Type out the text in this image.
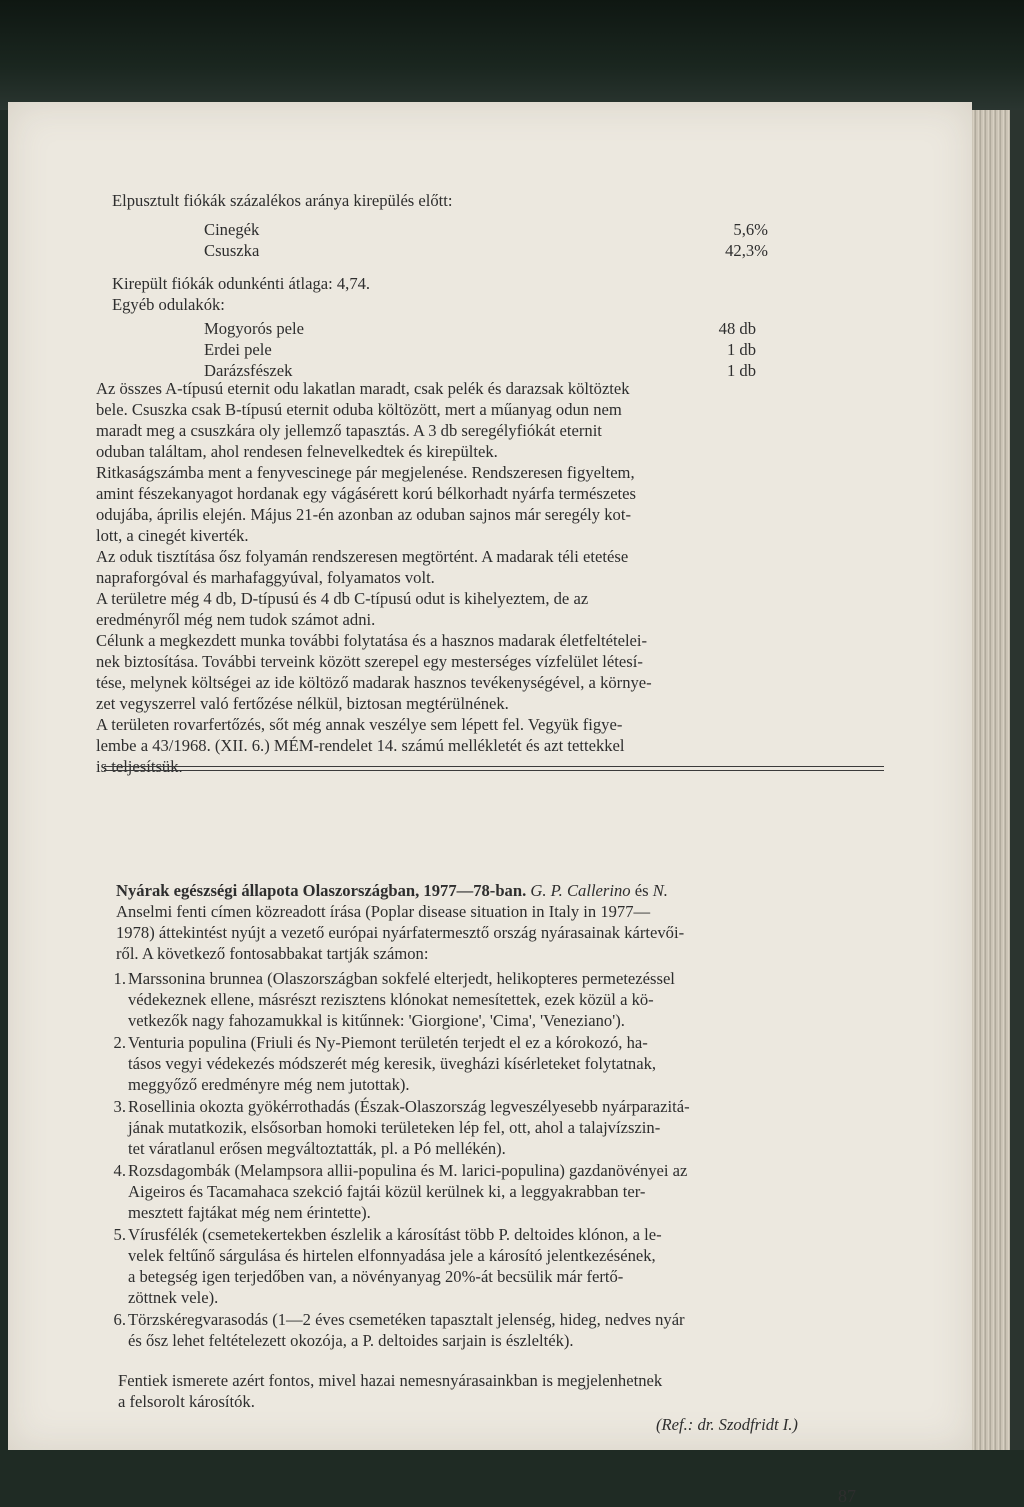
Elpusztult fiókák százalékos aránya kirepülés előtt:
Cinegék
Csuszka
5,6%
42,3%
Kirepült fiókák odunkénti átlaga: 4,74.
Egyéb odulakók:
Mogyorós pele
Erdei pele
Darázsfészek
48 db
1 db
1 db
Az összes A-típusú eternit odu lakatlan maradt, csak pelék és darazsak költöztek
bele. Csuszka csak B-típusú eternit oduba költözött, mert a műanyag odun nem
maradt meg a csuszkára oly jellemző tapasztás. A 3 db seregélyfiókát eternit
oduban találtam, ahol rendesen felnevelkedtek és kirepültek.
Ritkaságszámba ment a fenyvescinege pár megjelenése. Rendszeresen figyeltem,
amint fészekanyagot hordanak egy vágásérett korú bélkorhadt nyárfa természetes
odujába, április elején. Május 21-én azonban az oduban sajnos már seregély kot-
lott, a cinegét kiverték.
Az oduk tisztítása ősz folyamán rendszeresen megtörtént. A madarak téli etetése
napraforgóval és marhafaggyúval, folyamatos volt.
A területre még 4 db, D-típusú és 4 db C-típusú odut is kihelyeztem, de az
eredményről még nem tudok számot adni.
Célunk a megkezdett munka további folytatása és a hasznos madarak életfeltételei-
nek biztosítása. További terveink között szerepel egy mesterséges vízfelület létesí-
tése, melynek költségei az ide költöző madarak hasznos tevékenységével, a környe-
zet vegyszerrel való fertőzése nélkül, biztosan megtérülnének.
A területen rovarfertőzés, sőt még annak veszélye sem lépett fel. Vegyük figye-
lembe a 43/1968. (XII. 6.) MÉM-rendelet 14. számú mellékletét és azt tettekkel
is teljesítsük.
Nyárak egészségi állapota Olaszországban, 1977—78-ban. G. P. Callerino és N.
Anselmi fenti címen közreadott írása (Poplar disease situation in Italy in 1977—
1978) áttekintést nyújt a vezető európai nyárfatermesztő ország nyárasainak kártevői-
ről. A következő fontosabbakat tartják számon:
1. Marssonina brunnea (Olaszországban sokfelé elterjedt, helikopteres permetezéssel
védekeznek ellene, másrészt rezisztens klónokat nemesítettek, ezek közül a kö-
vetkezők nagy fahozamukkal is kitűnnek: 'Giorgione', 'Cima', 'Veneziano').
2. Venturia populina (Friuli és Ny-Piemont területén terjedt el ez a kórokozó, ha-
tásos vegyi védekezés módszerét még keresik, üvegházi kísérleteket folytatnak,
meggyőző eredményre még nem jutottak).
3. Rosellinia okozta gyökérrothadás (Észak-Olaszország legveszélyesebb nyárparazitá-
jának mutatkozik, elsősorban homoki területeken lép fel, ott, ahol a talajvízszin-
tet váratlanul erősen megváltoztatták, pl. a Pó mellékén).
4. Rozsdagombák (Melampsora allii-populina és M. larici-populina) gazdanövényei az
Aigeiros és Tacamahaca szekció fajtái közül kerülnek ki, a leggyakrabban ter-
mesztett fajtákat még nem érintette).
5. Vírusfélék (csemetekertekben észlelik a károsítást több P. deltoides klónon, a le-
velek feltűnő sárgulása és hirtelen elfonnyadása jele a károsító jelentkezésének,
a betegség igen terjedőben van, a növényanyag 20%-át becsülik már fertő-
zöttnek vele).
6. Törzskéregvarasodás (1—2 éves csemetéken tapasztalt jelenség, hideg, nedves nyár
és ősz lehet feltételezett okozója, a P. deltoides sarjain is észlelték).
Fentiek ismerete azért fontos, mivel hazai nemesnyárasainkban is megjelenhetnek
a felsorolt károsítók.
(Ref.: dr. Szodfridt I.)
87
